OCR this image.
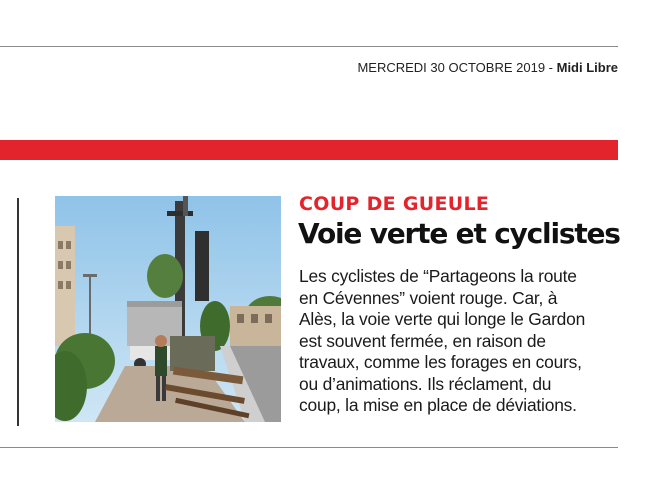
MERCREDI 30 OCTOBRE 2019 - Midi Libre
COUP DE GUEULE
Voie verte et cyclistes
Les cyclistes de “Partageons la route
en Cévennes” voient rouge. Car, à
Alès, la voie verte qui longe le Gardon
est souvent fermée, en raison de
travaux, comme les forages en cours,
ou d’animations. Ils réclament, du
coup, la mise en place de déviations.
